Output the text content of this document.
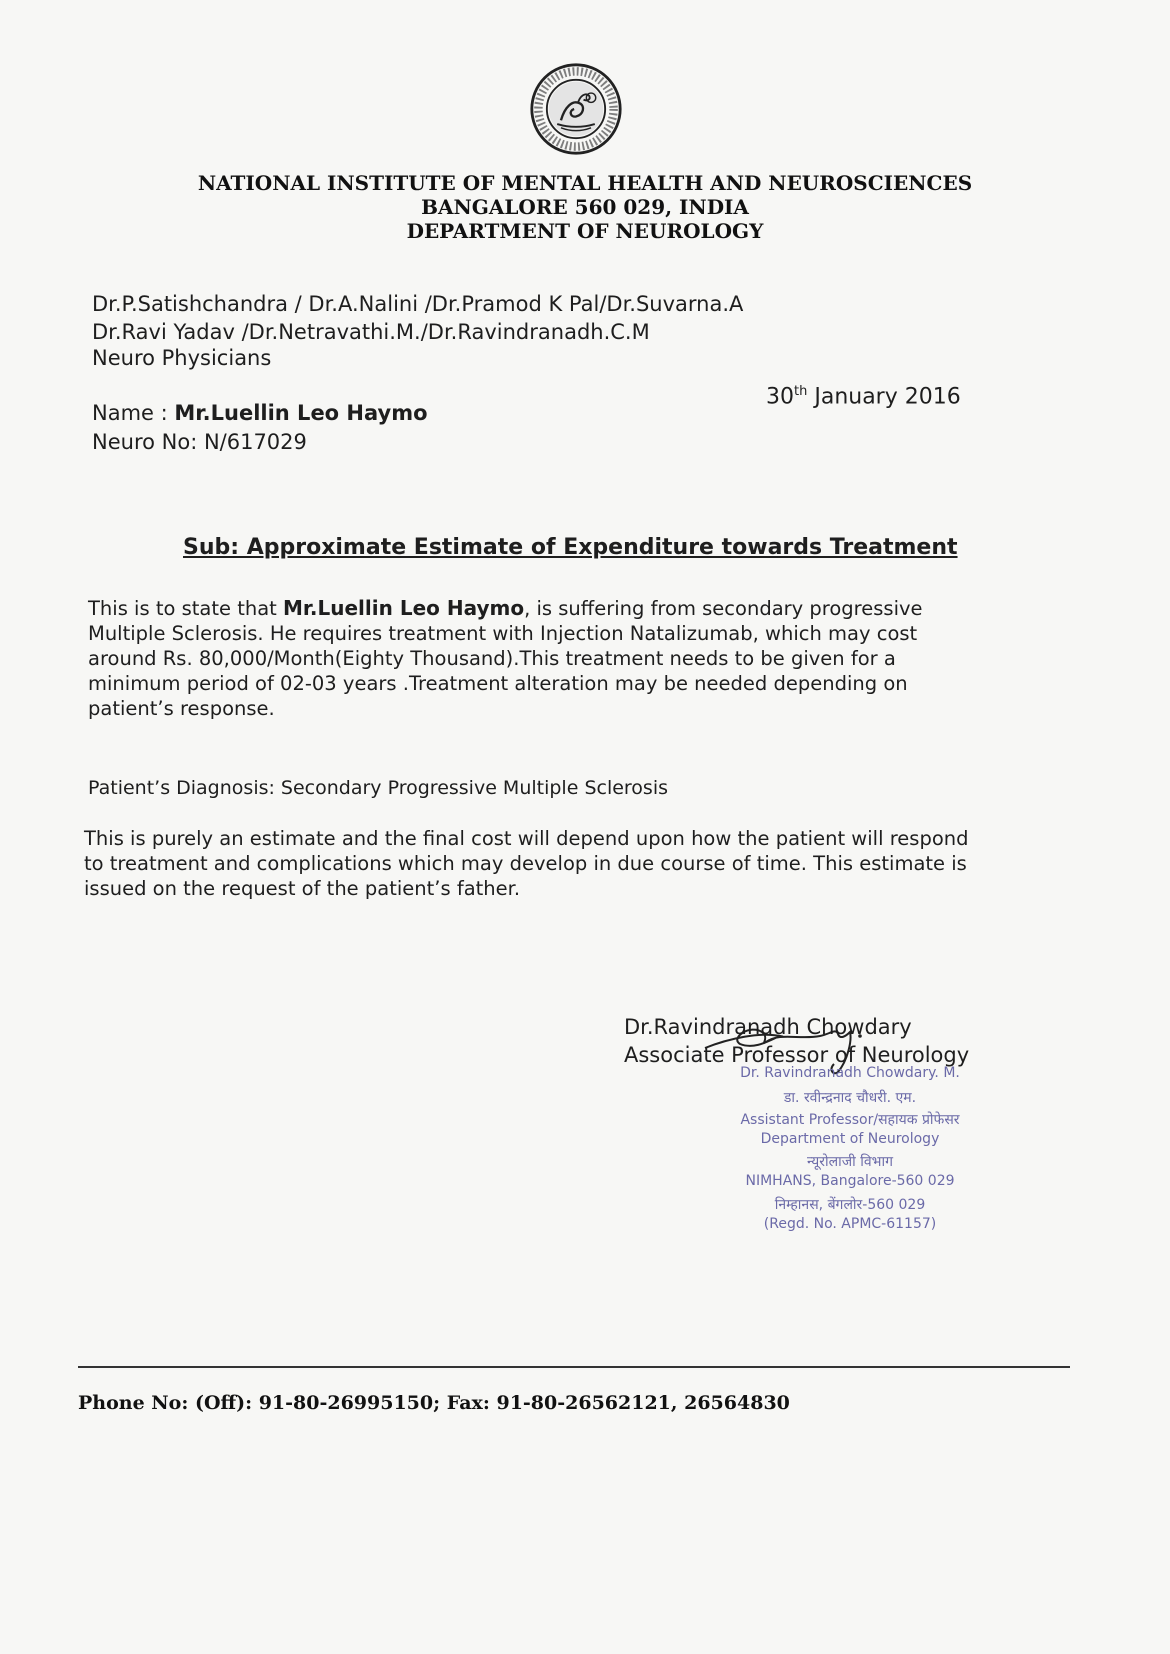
NATIONAL INSTITUTE OF MENTAL HEALTH AND NEUROSCIENCES
BANGALORE 560 029, INDIA
DEPARTMENT OF NEUROLOGY
Dr.P.Satishchandra / Dr.A.Nalini /Dr.Pramod K Pal/Dr.Suvarna.A
Dr.Ravi Yadav /Dr.Netravathi.M./Dr.Ravindranadh.C.M
Neuro Physicians
30th January 2016
Name : Mr.Luellin Leo Haymo
Neuro No: N/617029
Sub: Approximate Estimate of Expenditure towards Treatment
This is to state that Mr.Luellin Leo Haymo, is suffering from secondary progressive
Multiple Sclerosis. He requires treatment with Injection Natalizumab, which may cost
around Rs. 80,000/Month(Eighty Thousand).This treatment needs to be given for a
minimum period of 02-03 years .Treatment alteration may be needed depending on
patient’s response.
Patient’s Diagnosis: Secondary Progressive Multiple Sclerosis
This is purely an estimate and the final cost will depend upon how the patient will respond
to treatment and complications which may develop in due course of time. This estimate is
issued on the request of the patient’s father.
Dr.Ravindranadh Chowdary
Associate Professor of Neurology
Dr. Ravindranadh Chowdary. M.
डा. रवीन्द्रनाद चौधरी. एम.
Assistant Professor/सहायक प्रोफेसर
Department of Neurology
न्यूरोलाजी विभाग
NIMHANS, Bangalore-560 029
निम्हानस, बेंगलोर-560 029
(Regd. No. APMC-61157)
Phone No: (Off): 91-80-26995150; Fax: 91-80-26562121, 26564830
